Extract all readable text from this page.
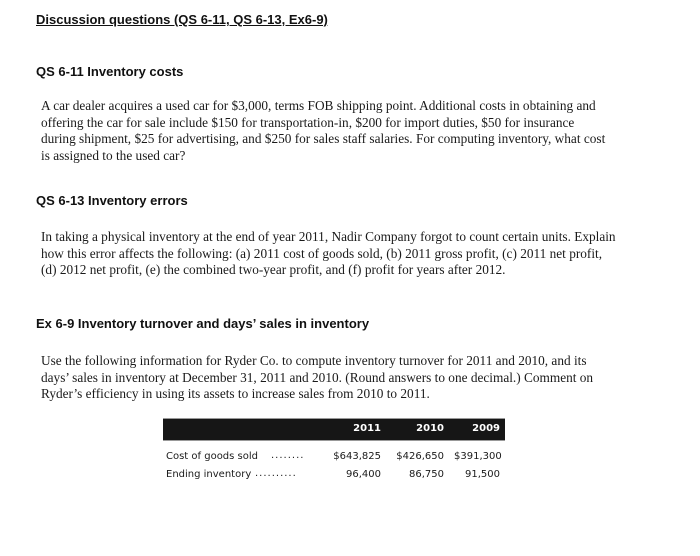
Discussion questions (QS 6-11, QS 6-13, Ex6-9)
QS 6-11 Inventory costs
A car dealer acquires a used car for $3,000, terms FOB shipping point. Additional costs in obtaining and
offering the car for sale include $150 for transportation-in, $200 for import duties, $50 for insurance
during shipment, $25 for advertising, and $250 for sales staff salaries. For computing inventory, what cost
is assigned to the used car?
QS 6-13 Inventory errors
In taking a physical inventory at the end of year 2011, Nadir Company forgot to count certain units. Explain
how this error affects the following: (a) 2011 cost of goods sold, (b) 2011 gross profit, (c) 2011 net profit,
(d) 2012 net profit, (e) the combined two-year profit, and (f) profit for years after 2012.
Ex 6-9 Inventory turnover and days’ sales in inventory
Use the following information for Ryder Co. to compute inventory turnover for 2011 and 2010, and its
days’ sales in inventory at December 31, 2011 and 2010. (Round answers to one decimal.) Comment on
Ryder’s efficiency in using its assets to increase sales from 2010 to 2011.
2011	2010	2009
Cost of goods sold ........	$643,825 $426,650 $391,300
Ending inventory ..........	96,400	86,750	91,500
